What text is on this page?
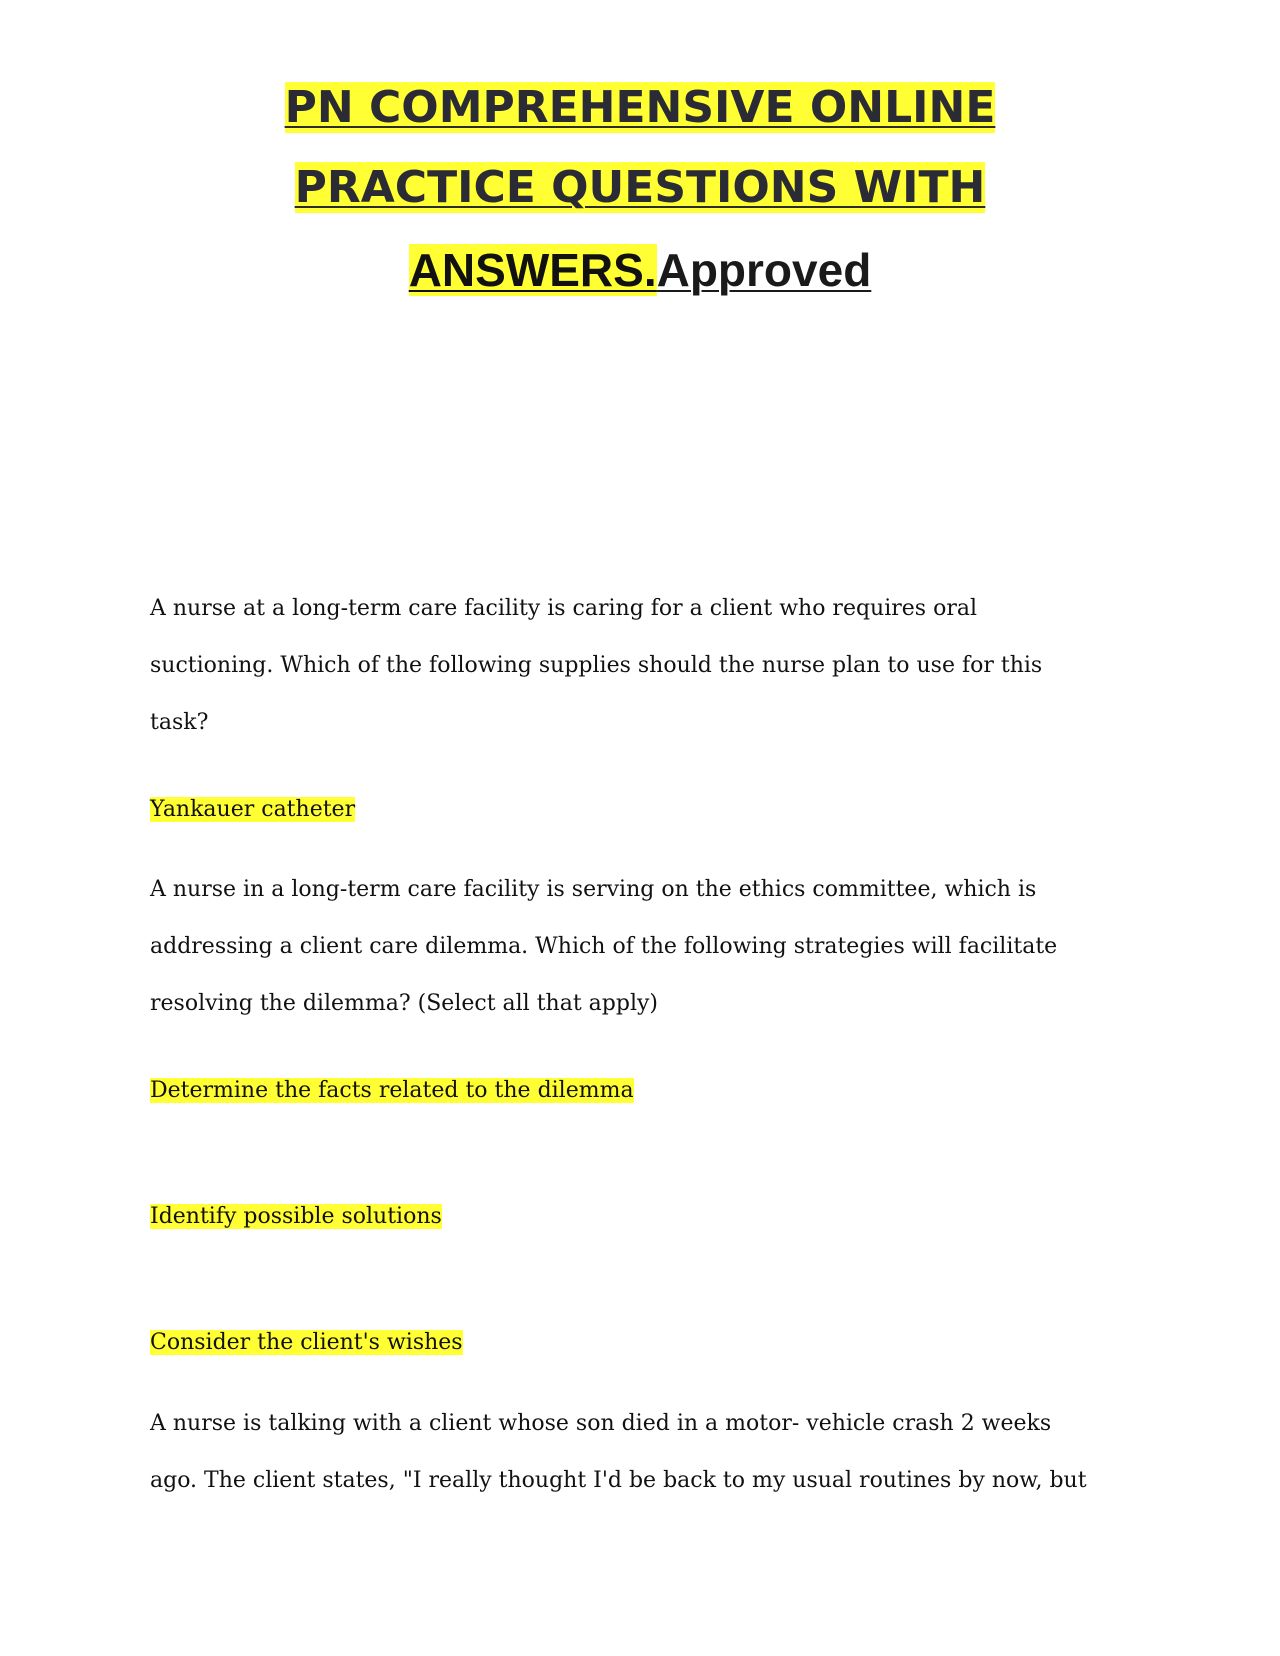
PN COMPREHENSIVE ONLINE
PRACTICE QUESTIONS WITH
ANSWERS.Approved
A nurse at a long-term care facility is caring for a client who requires oral
suctioning. Which of the following supplies should the nurse plan to use for this
task?
Yankauer catheter
A nurse in a long-term care facility is serving on the ethics committee, which is
addressing a client care dilemma. Which of the following strategies will facilitate
resolving the dilemma? (Select all that apply)
Determine the facts related to the dilemma
Identify possible solutions
Consider the client's wishes
A nurse is talking with a client whose son died in a motor- vehicle crash 2 weeks
ago. The client states, "I really thought I'd be back to my usual routines by now, but
